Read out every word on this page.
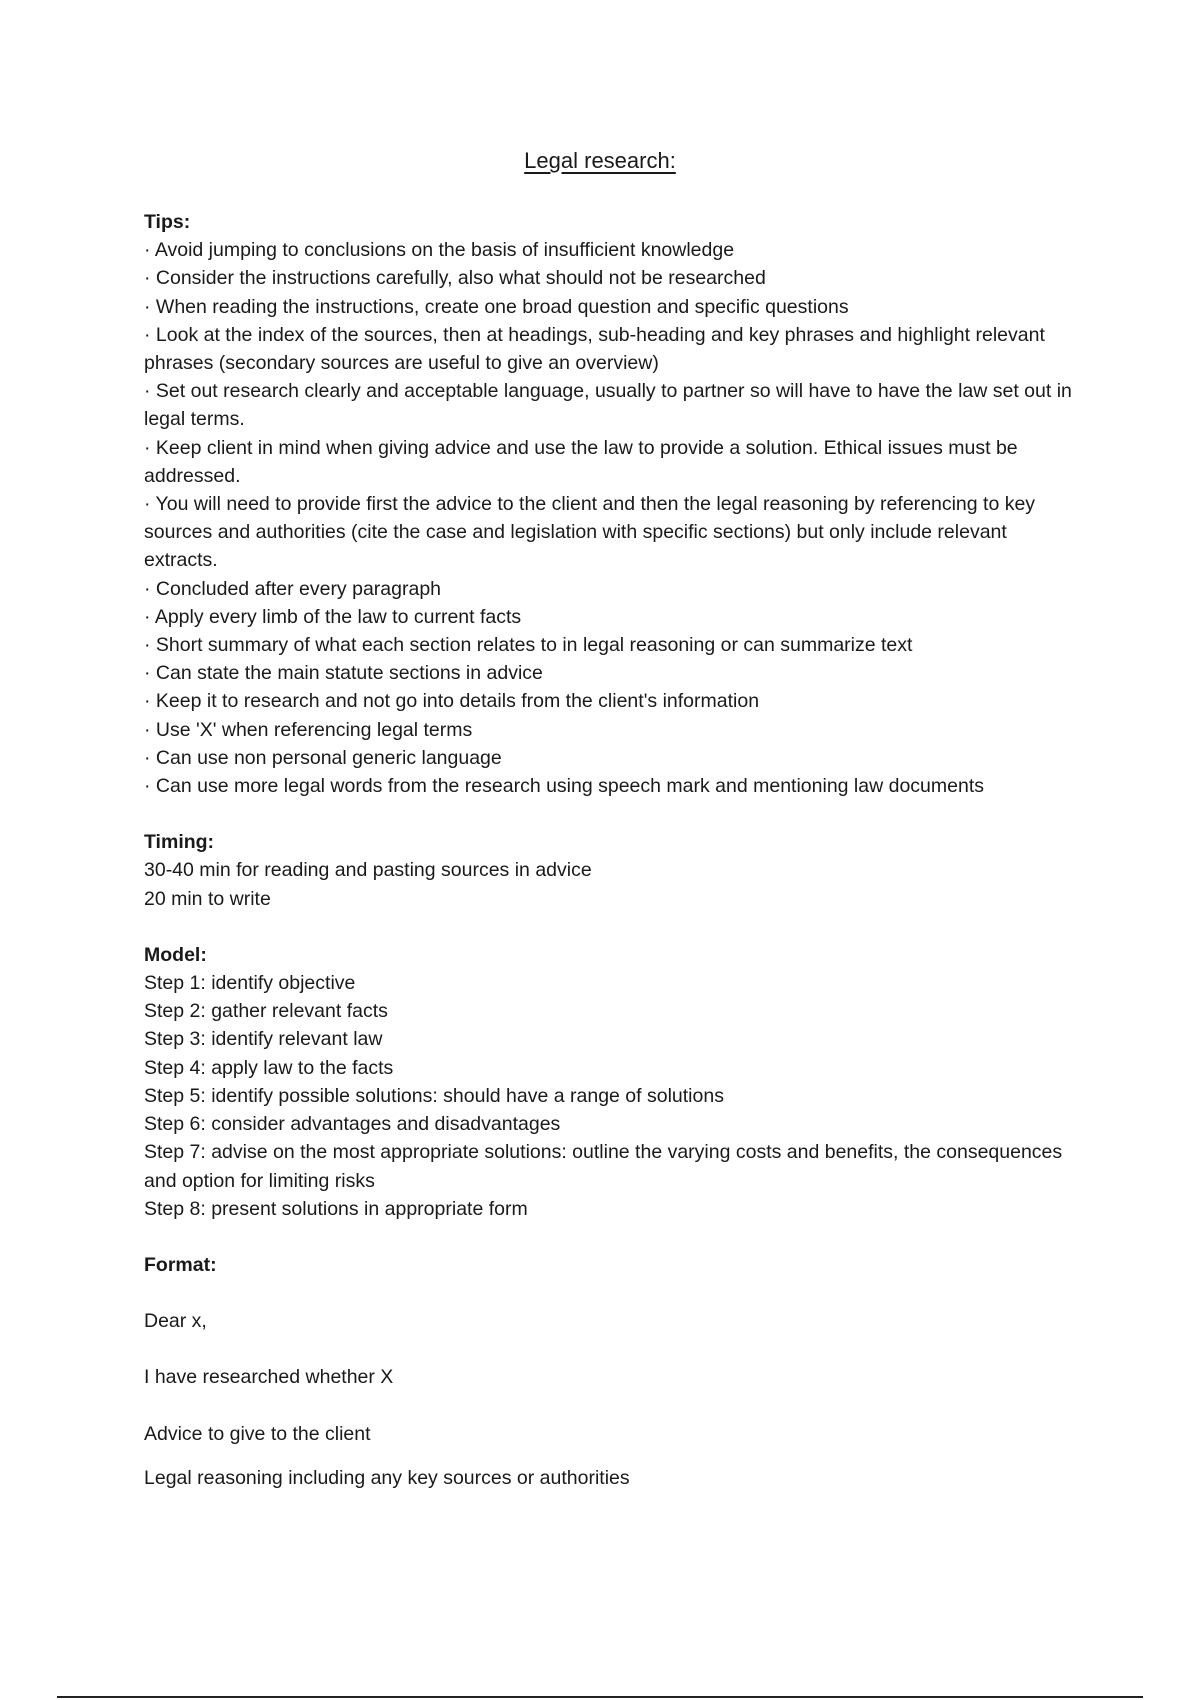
Legal research:
Tips:
· Avoid jumping to conclusions on the basis of insufficient knowledge
· Consider the instructions carefully, also what should not be researched
· When reading the instructions, create one broad question and specific questions
· Look at the index of the sources, then at headings, sub-heading and key phrases and highlight relevant phrases (secondary sources are useful to give an overview)
· Set out research clearly and acceptable language, usually to partner so will have to have the law set out in legal terms.
· Keep client in mind when giving advice and use the law to provide a solution. Ethical issues must be addressed.
· You will need to provide first the advice to the client and then the legal reasoning by referencing to key sources and authorities (cite the case and legislation with specific sections) but only include relevant extracts.
· Concluded after every paragraph
· Apply every limb of the law to current facts
· Short summary of what each section relates to in legal reasoning or can summarize text
· Can state the main statute sections in advice
· Keep it to research and not go into details from the client's information
· Use 'X' when referencing legal terms
· Can use non personal generic language
· Can use more legal words from the research using speech mark and mentioning law documents
Timing:
30-40 min for reading and pasting sources in advice
20 min to write
Model:
Step 1: identify objective
Step 2: gather relevant facts
Step 3: identify relevant law
Step 4: apply law to the facts
Step 5: identify possible solutions: should have a range of solutions
Step 6: consider advantages and disadvantages
Step 7: advise on the most appropriate solutions: outline the varying costs and benefits, the consequences and option for limiting risks
Step 8: present solutions in appropriate form
Format:
Dear x,
I have researched whether X
Advice to give to the client
Legal reasoning including any key sources or authorities
